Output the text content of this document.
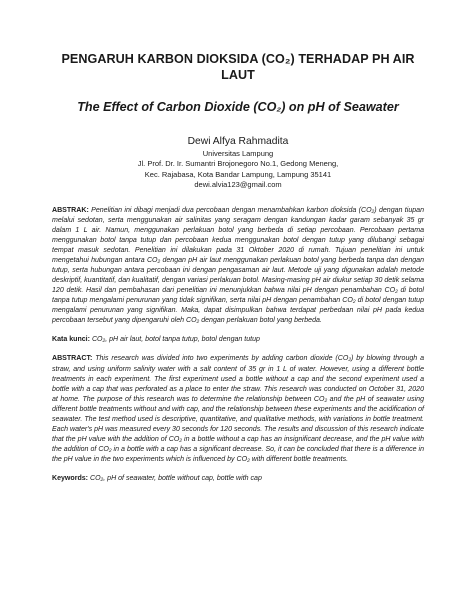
PENGARUH KARBON DIOKSIDA (CO₂) TERHADAP PH AIR LAUT
The Effect of Carbon Dioxide (CO₂) on pH of Seawater
Dewi Alfya Rahmadita
Universitas Lampung
Jl. Prof. Dr. Ir. Sumantri Brojonegoro No.1, Gedong Meneng,
Kec. Rajabasa, Kota Bandar Lampung, Lampung 35141
dewi.alvia123@gmail.com
ABSTRAK: Penelitian ini dibagi menjadi dua percobaan dengan menambahkan karbon dioksida (CO₂) dengan tiupan melalui sedotan, serta menggunakan air salinitas yang seragam dengan kandungan kadar garam sebanyak 35 gr dalam 1 L air. Namun, menggunakan perlakuan botol yang berbeda di setiap percobaan. Percobaan pertama menggunakan botol tanpa tutup dan percobaan kedua menggunakan botol dengan tutup yang dilubangi sebagai tempat masuk sedotan. Penelitian ini dilakukan pada 31 Oktober 2020 di rumah. Tujuan penelitian ini untuk mengetahui hubungan antara CO₂ dengan pH air laut menggunakan perlakuan botol yang berbeda tanpa dan dengan tutup, serta hubungan antara percobaan ini dengan pengasaman air laut. Metode uji yang digunakan adalah metode deskriptif, kuantitatif, dan kualitatif, dengan variasi perlakuan botol. Masing-masing pH air diukur setiap 30 detik selama 120 detik. Hasil dan pembahasan dari penelitian ini menunjukkan bahwa nilai pH dengan penambahan CO₂ di botol tanpa tutup mengalami penurunan yang tidak signifikan, serta nilai pH dengan penambahan CO₂ di botol dengan tutup mengalami penurunan yang signifikan. Maka, dapat disimpulkan bahwa terdapat perbedaan nilai pH pada kedua percobaan tersebut yang dipengaruhi oleh CO₂ dengan perlakuan botol yang berbeda.
Kata kunci: CO₂, pH air laut, botol tanpa tutup, botol dengan tutup
ABSTRACT: This research was divided into two experiments by adding carbon dioxide (CO₂) by blowing through a straw, and using uniform salinity water with a salt content of 35 gr in 1 L of water. However, using a different bottle treatments in each experiment. The first experiment used a bottle without a cap and the second experiment used a bottle with a cap that was perforated as a place to enter the straw. This research was conducted on October 31, 2020 at home. The purpose of this research was to determine the relationship between CO₂ and the pH of seawater using different bottle treatments without and with cap, and the relationship between these experiments and the acidification of seawater. The test method used is descriptive, quantitative, and qualitative methods, with variations in bottle treatment. Each water's pH was measured every 30 seconds for 120 seconds. The results and discussion of this research indicate that the pH value with the addition of CO₂ in a bottle without a cap has an insignificant decrease, and the pH value with the addition of CO₂ in a bottle with a cap has a significant decrease. So, it can be concluded that there is a difference in the pH value in the two experiments which is influenced by CO₂ with different bottle treatments.
Keywords: CO₂, pH of seawater, bottle without cap, bottle with cap
